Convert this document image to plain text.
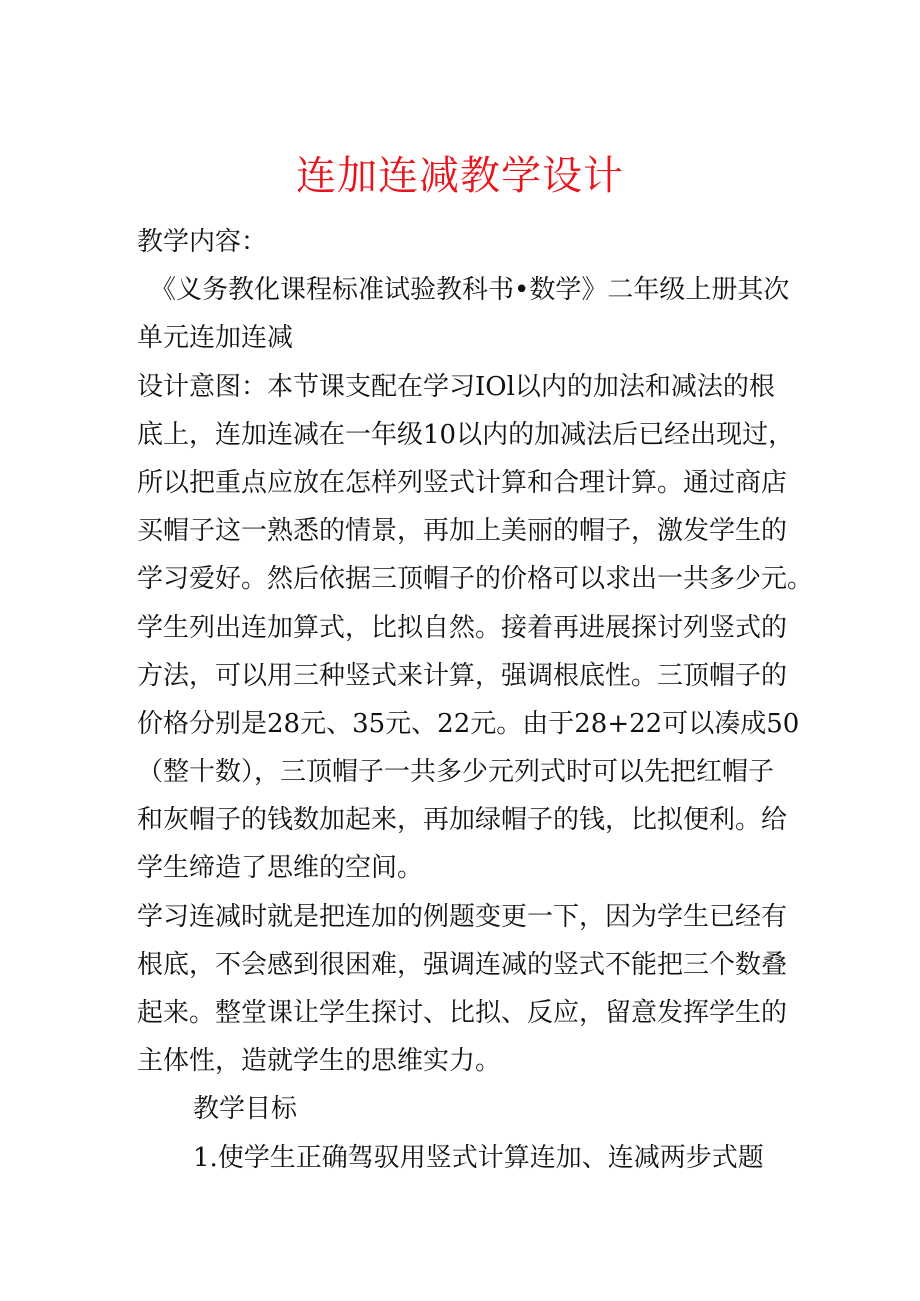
连加连减教学设计
教学内容：
《义务教化课程标准试验教科书•数学》二年级上册其次
单元连加连减
设计意图：本节课支配在学习IOl以内的加法和减法的根
底上，连加连减在一年级10以内的加减法后已经出现过，
所以把重点应放在怎样列竖式计算和合理计算。通过商店
买帽子这一熟悉的情景，再加上美丽的帽子，激发学生的
学习爱好。然后依据三顶帽子的价格可以求出一共多少元。
学生列出连加算式，比拟自然。接着再进展探讨列竖式的
方法，可以用三种竖式来计算，强调根底性。三顶帽子的
价格分别是28元、35元、22元。由于28+22可以凑成50
（整十数），三顶帽子一共多少元列式时可以先把红帽子
和灰帽子的钱数加起来，再加绿帽子的钱，比拟便利。给
学生缔造了思维的空间。
学习连减时就是把连加的例题变更一下，因为学生已经有
根底，不会感到很困难，强调连减的竖式不能把三个数叠
起来。整堂课让学生探讨、比拟、反应，留意发挥学生的
主体性，造就学生的思维实力。
教学目标
1.使学生正确驾驭用竖式计算连加、连减两步式题
